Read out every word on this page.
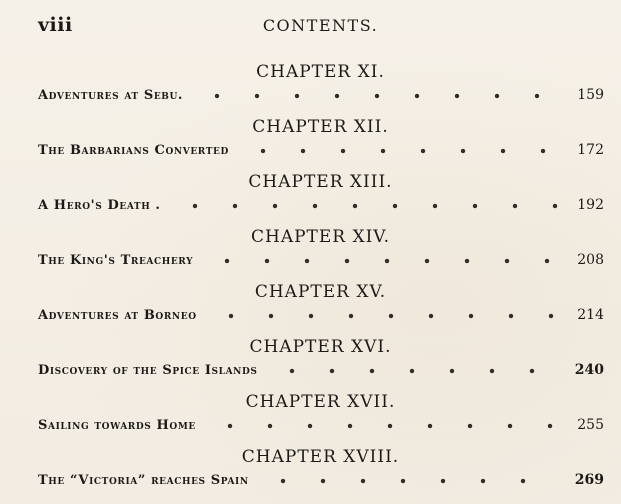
viii	CONTENTS.
CHAPTER XI.
Adventures at Sebu.	159
CHAPTER XII.
The Barbarians Converted	172
CHAPTER XIII.
A Hero's Death .	192
CHAPTER XIV.
The King's Treachery	208
CHAPTER XV.
Adventures at Borneo	214
CHAPTER XVI.
Discovery of the Spice Islands	240
CHAPTER XVII.
Sailing towards Home	255
CHAPTER XVIII.
The “Victoria” reaches Spain	269
